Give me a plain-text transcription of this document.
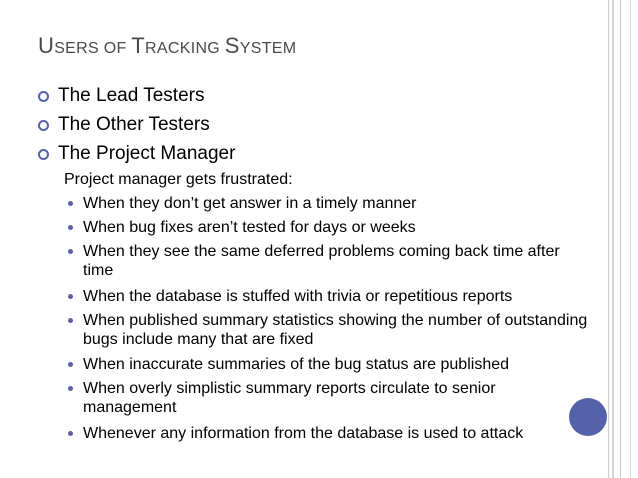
USERS OF TRACKING SYSTEM
The Lead Testers
The Other Testers
The Project Manager
Project manager gets frustrated:
When they don’t get answer in a timely manner
When bug fixes aren’t tested for days or weeks
When they see the same deferred problems coming back time after time
When the database is stuffed with trivia or repetitious reports
When published summary statistics showing the number of outstanding bugs include many that are fixed
When inaccurate summaries of the bug status are published
When overly simplistic summary reports circulate to senior management
Whenever any information from the database is used to attack
